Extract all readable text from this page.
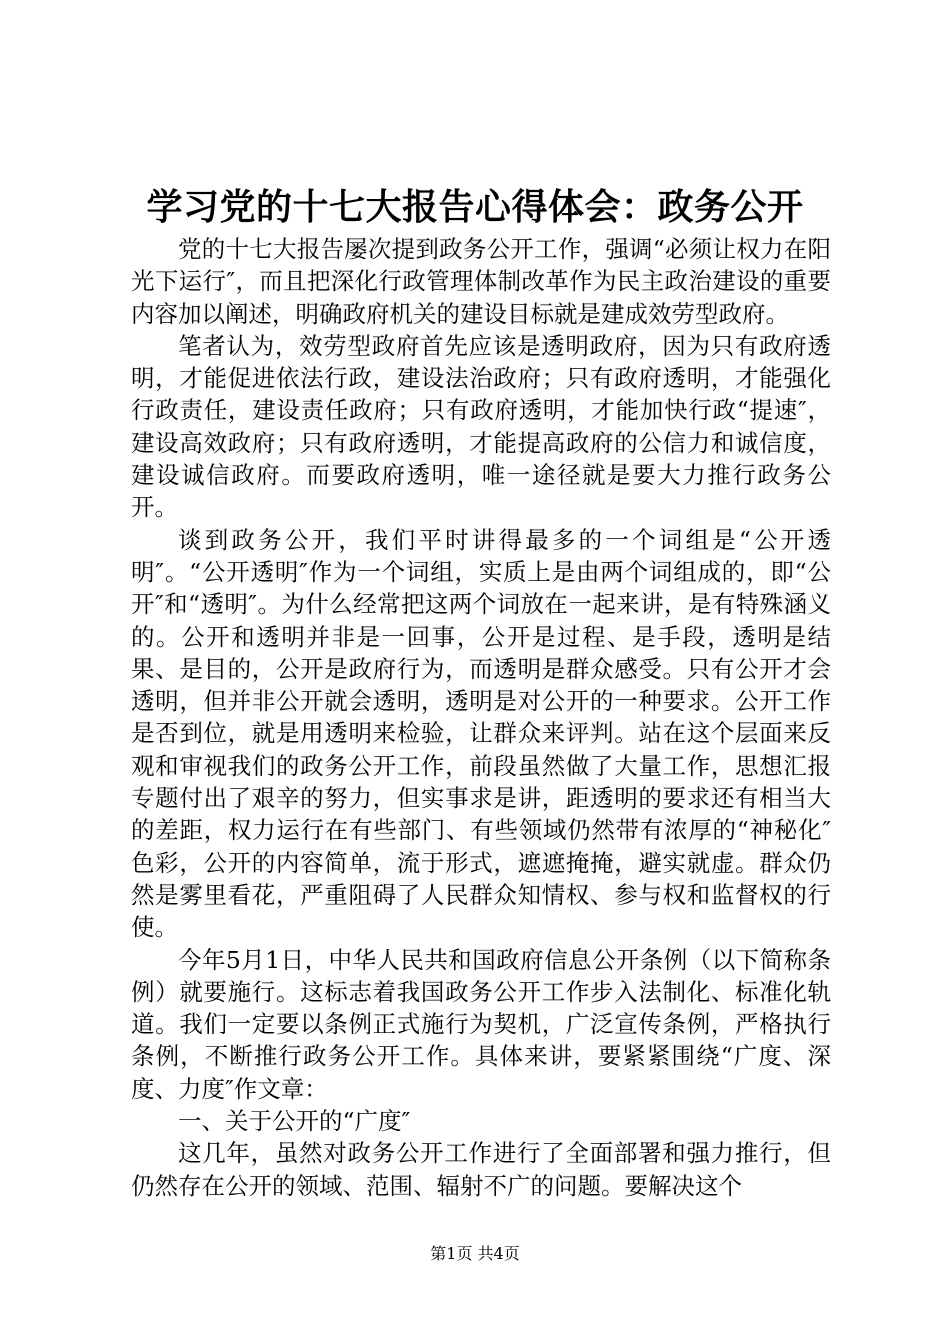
学习党的十七大报告心得体会：政务公开

党的十七大报告屡次提到政务公开工作，强调“必须让权力在阳光下运行″，而且把深化行政管理体制改革作为民主政治建设的重要内容加以阐述，明确政府机关的建设目标就是建成效劳型政府。

笔者认为，效劳型政府首先应该是透明政府，因为只有政府透明，才能促进依法行政，建设法治政府；只有政府透明，才能强化行政责任，建设责任政府；只有政府透明，才能加快行政“提速″，建设高效政府；只有政府透明，才能提高政府的公信力和诚信度，建设诚信政府。而要政府透明，唯一途径就是要大力推行政务公开。

谈到政务公开，我们平时讲得最多的一个词组是“公开透明″。“公开透明″作为一个词组，实质上是由两个词组成的，即“公开″和“透明″。为什么经常把这两个词放在一起来讲，是有特殊涵义的。公开和透明并非是一回事，公开是过程、是手段，透明是结果、是目的，公开是政府行为，而透明是群众感受。只有公开才会透明，但并非公开就会透明，透明是对公开的一种要求。公开工作是否到位，就是用透明来检验，让群众来评判。站在这个层面来反观和审视我们的政务公开工作，前段虽然做了大量工作，思想汇报专题付出了艰辛的努力，但实事求是讲，距透明的要求还有相当大的差距，权力运行在有些部门、有些领域仍然带有浓厚的“神秘化″色彩，公开的内容简单，流于形式，遮遮掩掩，避实就虚。群众仍然是雾里看花，严重阻碍了人民群众知情权、参与权和监督权的行使。

今年5月1日，中华人民共和国政府信息公开条例（以下简称条例）就要施行。这标志着我国政务公开工作步入法制化、标准化轨道。我们一定要以条例正式施行为契机，广泛宣传条例，严格执行条例，不断推行政务公开工作。具体来讲，要紧紧围绕“广度、深度、力度″作文章：

一、关于公开的“广度″

这几年，虽然对政务公开工作进行了全面部署和强力推行，但仍然存在公开的领域、范围、辐射不广的问题。要解决这个

第1页 共4页
